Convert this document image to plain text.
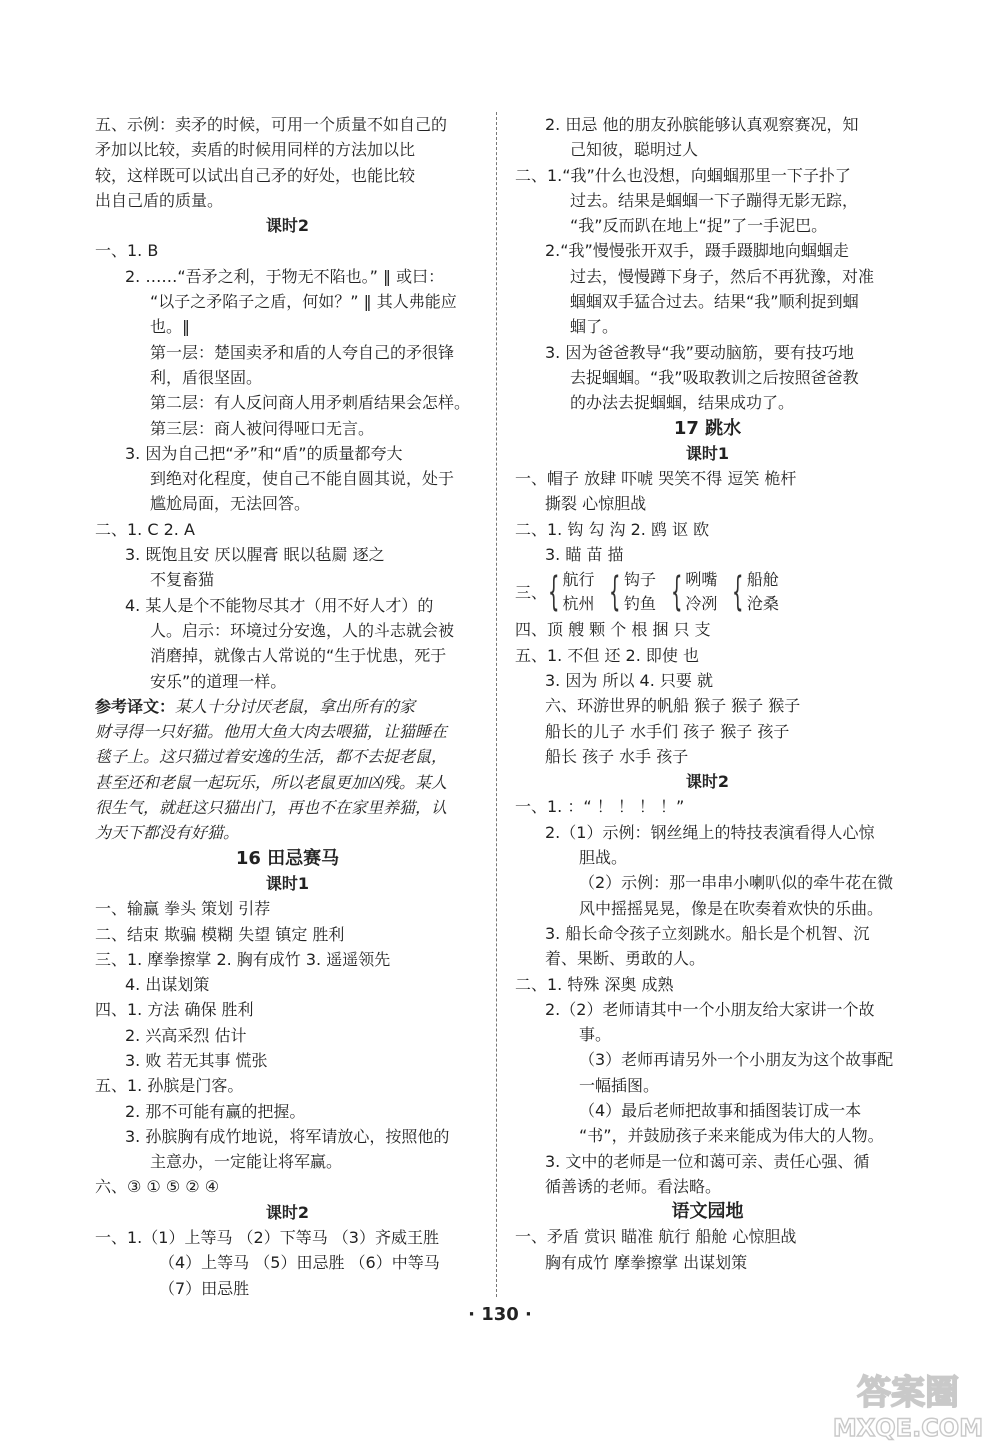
五、示例：卖矛的时候，可用一个质量不如自己的
矛加以比较，卖盾的时候用同样的方法加以比
较，这样既可以试出自己矛的好处，也能比较
出自己盾的质量。
课时2
一、1. B
2. ……“吾矛之利，于物无不陷也。” ‖ 或曰：
“以子之矛陷子之盾，何如？” ‖ 其人弗能应
也。‖
第一层：楚国卖矛和盾的人夸自己的矛很锋
利，盾很坚固。
第二层：有人反问商人用矛刺盾结果会怎样。
第三层：商人被问得哑口无言。
3. 因为自己把“矛”和“盾”的质量都夸大
到绝对化程度，使自己不能自圆其说，处于
尴尬局面，无法回答。
二、1. C 2. A
3. 既饱且安 厌以腥膏 眠以毡罽 逐之
不复畜猫
4. 某人是个不能物尽其才（用不好人才）的
人。启示：环境过分安逸，人的斗志就会被
消磨掉，就像古人常说的“生于忧患，死于
安乐”的道理一样。
参考译文：某人十分讨厌老鼠，拿出所有的家
财寻得一只好猫。他用大鱼大肉去喂猫，让猫睡在
毯子上。这只猫过着安逸的生活，都不去捉老鼠，
甚至还和老鼠一起玩乐，所以老鼠更加凶残。某人
很生气，就赶这只猫出门，再也不在家里养猫，认
为天下都没有好猫。
16 田忌赛马
课时1
一、输赢 拳头 策划 引荐
二、结束 欺骗 模糊 失望 镇定 胜利
三、1. 摩拳擦掌 2. 胸有成竹 3. 遥遥领先
4. 出谋划策
四、1. 方法 确保 胜利
2. 兴高采烈 估计
3. 败 若无其事 慌张
五、1. 孙膑是门客。
2. 那不可能有赢的把握。
3. 孙膑胸有成竹地说，将军请放心，按照他的
主意办，一定能让将军赢。
六、③ ① ⑤ ② ④
课时2
一、1.（1）上等马 （2）下等马 （3）齐威王胜
（4）上等马 （5）田忌胜 （6）中等马
（7）田忌胜
2. 田忌 他的朋友孙膑能够认真观察赛况，知
己知彼，聪明过人
二、1.“我”什么也没想，向蝈蝈那里一下子扑了
过去。结果是蝈蝈一下子蹦得无影无踪，
“我”反而趴在地上“捉”了一手泥巴。
2.“我”慢慢张开双手，蹑手蹑脚地向蝈蝈走
过去，慢慢蹲下身子，然后不再犹豫，对准
蝈蝈双手猛合过去。结果“我”顺利捉到蝈
蝈了。
3. 因为爸爸教导“我”要动脑筋，要有技巧地
去捉蝈蝈。“我”吸取教训之后按照爸爸教
的办法去捉蝈蝈，结果成功了。
17 跳水
课时1
一、帽子 放肆 吓唬 哭笑不得 逗笑 桅杆
撕裂 心惊胆战
二、1. 钩 勾 沟 2. 鸥 讴 欧
3. 瞄 苗 描
三、 { 航行
杭州 { 钩子
钓鱼 { 咧嘴
冷冽 { 船舱
沧桑
四、顶 艘 颗 个 根 捆 只 支
五、1. 不但 还 2. 即使 也
3. 因为 所以 4. 只要 就
六、环游世界的帆船 猴子 猴子 猴子
船长的儿子 水手们 孩子 猴子 孩子
船长 孩子 水手 孩子
课时2
一、1. ：“ ！ ！ ！ ！”
2.（1）示例：钢丝绳上的特技表演看得人心惊
胆战。
（2）示例：那一串串小喇叭似的牵牛花在微
风中摇摇晃晃，像是在吹奏着欢快的乐曲。
3. 船长命令孩子立刻跳水。船长是个机智、沉
着、果断、勇敢的人。
二、1. 特殊 深奥 成熟
2.（2）老师请其中一个小朋友给大家讲一个故
事。
（3）老师再请另外一个小朋友为这个故事配
一幅插图。
（4）最后老师把故事和插图装订成一本
“书”，并鼓励孩子来来能成为伟大的人物。
3. 文中的老师是一位和蔼可亲、责任心强、循
循善诱的老师。看法略。
语文园地
一、矛盾 赏识 瞄准 航行 船舱 心惊胆战
胸有成竹 摩拳擦掌 出谋划策
· 130 ·
答案圈
MXQE.COM
